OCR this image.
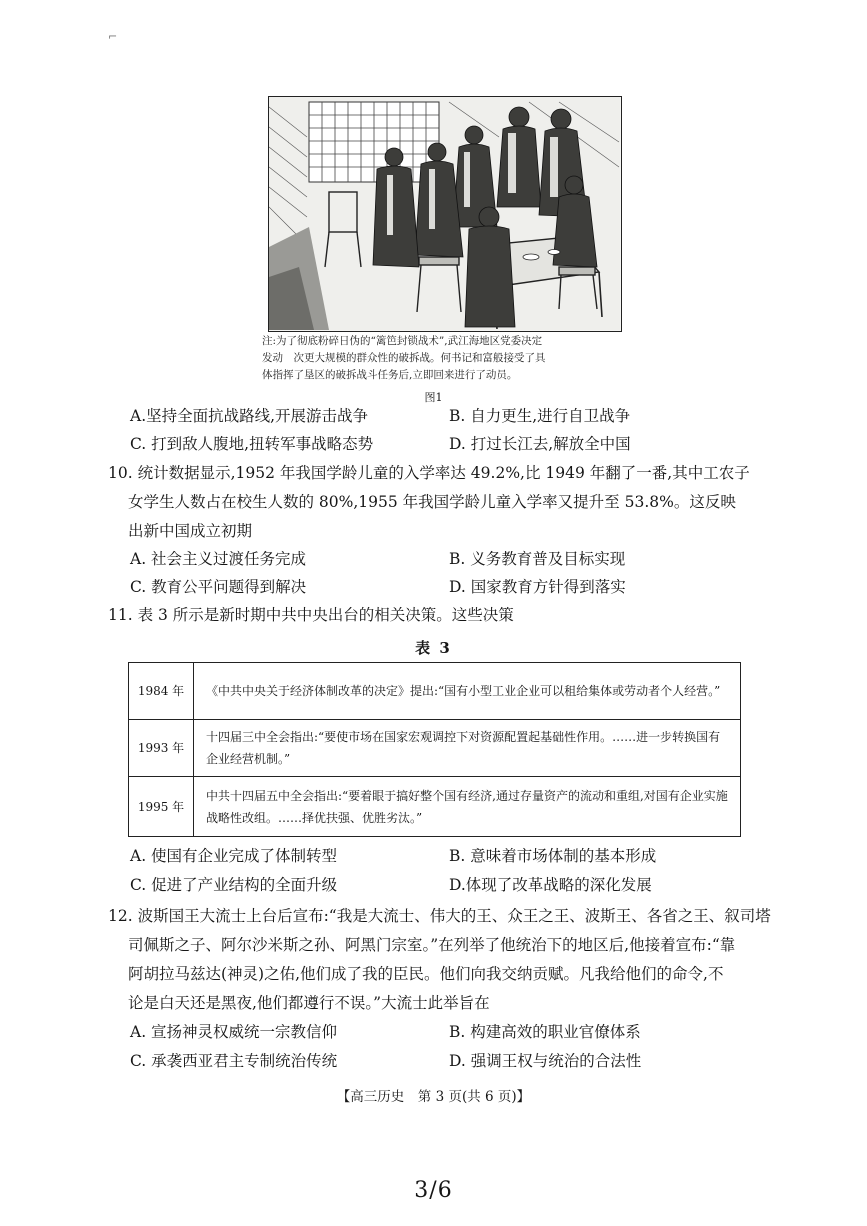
⌐
注:为了彻底粉碎日伪的“篱笆封锁战术”,武江海地区党委决定
发动　次更大规模的群众性的破拆战。何书记和富般接受了具
体指挥了垦区的破拆战斗任务后,立即回来进行了动员。
图1
A.坚持全面抗战路线,开展游击战争	B. 自力更生,进行自卫战争
C. 打到敌人腹地,扭转军事战略态势	D. 打过长江去,解放全中国
10. 统计数据显示,1952 年我国学龄儿童的入学率达 49.2%,比 1949 年翻了一番,其中工农子
女学生人数占在校生人数的 80%,1955 年我国学龄儿童入学率又提升至 53.8%。这反映
出新中国成立初期
A. 社会主义过渡任务完成	B. 义务教育普及目标实现
C. 教育公平问题得到解决	D. 国家教育方针得到落实
11. 表 3 所示是新时期中共中央出台的相关决策。这些决策
表 3
1984 年	《中共中央关于经济体制改革的决定》提出:“国有小型工业企业可以租给集体或劳动者个人经营。”
1993 年	十四届三中全会指出:“要使市场在国家宏观调控下对资源配置起基础性作用。……进一步转换国有企业经营机制。”
1995 年	中共十四届五中全会指出:“要着眼于搞好整个国有经济,通过存量资产的流动和重组,对国有企业实施战略性改组。……择优扶强、优胜劣汰。”
A. 使国有企业完成了体制转型	B. 意味着市场体制的基本形成
C. 促进了产业结构的全面升级	D.体现了改革战略的深化发展
12. 波斯国王大流士上台后宣布:“我是大流士、伟大的王、众王之王、波斯王、各省之王、叙司塔
司佩斯之子、阿尔沙米斯之孙、阿黑门宗室。”在列举了他统治下的地区后,他接着宣布:“靠
阿胡拉马兹达(神灵)之佑,他们成了我的臣民。他们向我交纳贡赋。凡我给他们的命令,不
论是白天还是黑夜,他们都遵行不误。”大流士此举旨在
A. 宣扬神灵权威统一宗教信仰	B. 构建高效的职业官僚体系
C. 承袭西亚君主专制统治传统	D. 强调王权与统治的合法性
【高三历史　第 3 页(共 6 页)】
3/6
